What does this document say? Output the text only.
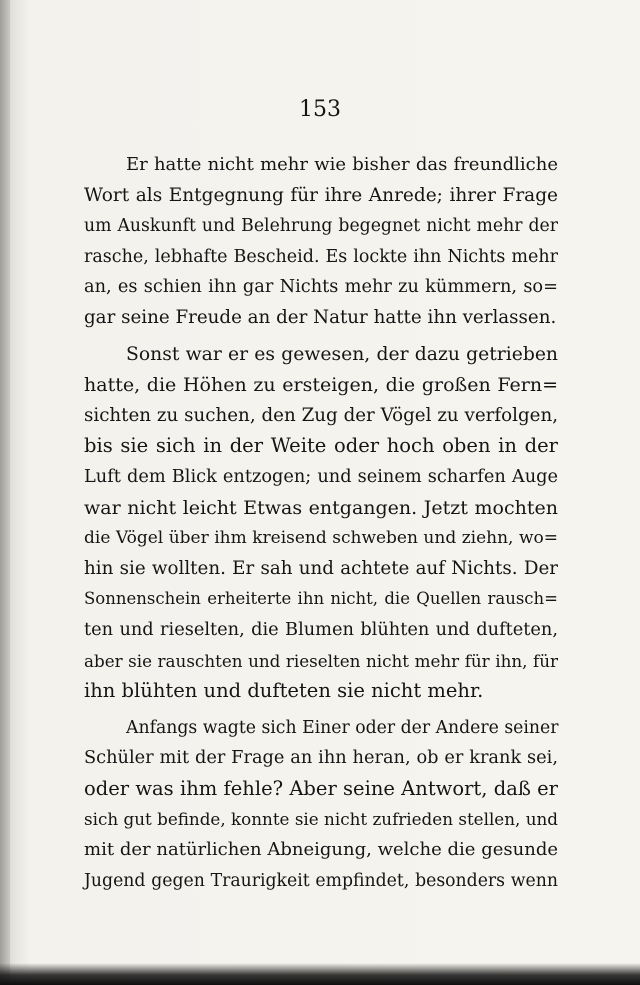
153
Er hatte nicht mehr wie bisher das freundliche
Wort als Entgegnung für ihre Anrede; ihrer Frage
um Auskunft und Belehrung begegnet nicht mehr der
rasche, lebhafte Bescheid. Es lockte ihn Nichts mehr
an, es schien ihn gar Nichts mehr zu kümmern, so=
gar seine Freude an der Natur hatte ihn verlassen.
Sonst war er es gewesen, der dazu getrieben
hatte, die Höhen zu ersteigen, die großen Fern=
sichten zu suchen, den Zug der Vögel zu verfolgen,
bis sie sich in der Weite oder hoch oben in der
Luft dem Blick entzogen; und seinem scharfen Auge
war nicht leicht Etwas entgangen. Jetzt mochten
die Vögel über ihm kreisend schweben und ziehn, wo=
hin sie wollten. Er sah und achtete auf Nichts. Der
Sonnenschein erheiterte ihn nicht, die Quellen rausch=
ten und rieselten, die Blumen blühten und dufteten,
aber sie rauschten und rieselten nicht mehr für ihn, für
ihn blühten und dufteten sie nicht mehr.
Anfangs wagte sich Einer oder der Andere seiner
Schüler mit der Frage an ihn heran, ob er krank sei,
oder was ihm fehle? Aber seine Antwort, daß er
sich gut befinde, konnte sie nicht zufrieden stellen, und
mit der natürlichen Abneigung, welche die gesunde
Jugend gegen Traurigkeit empfindet, besonders wenn
